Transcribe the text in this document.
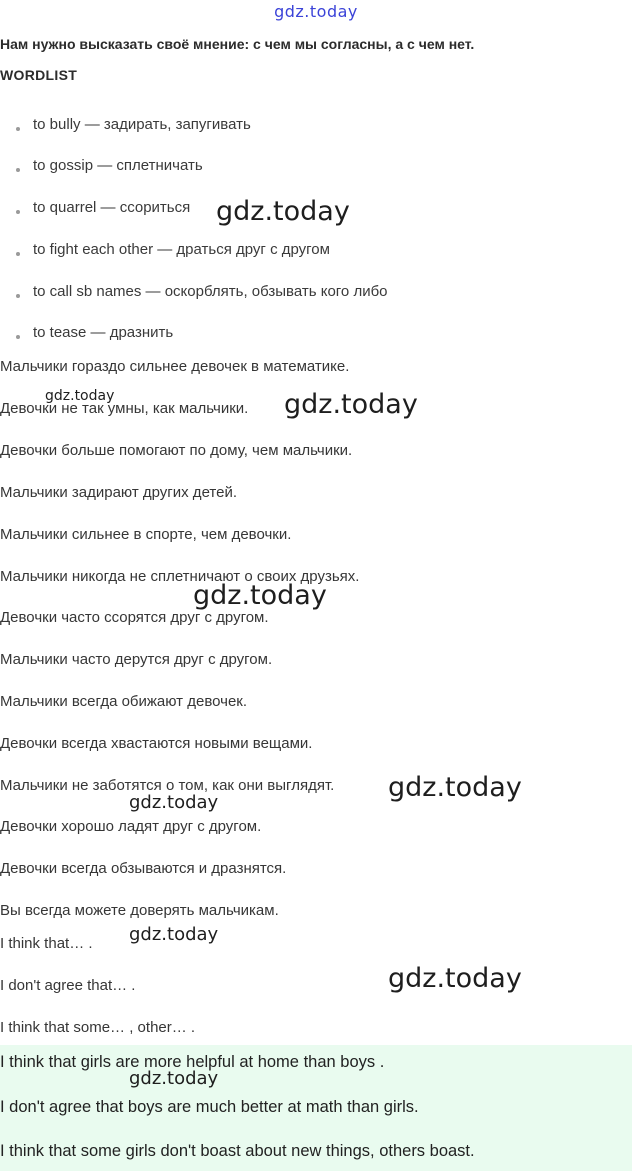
gdz.today
Нам нужно высказать своё мнение: с чем мы согласны, а с чем нет.
WORDLIST
to bully — задирать, запугивать
to gossip — сплетничать
to quarrel — ссориться
to fight each other — драться друг с другом
to call sb names — оскорблять, обзывать кого либо
to tease — дразнить
Мальчики гораздо сильнее девочек в математике.
Девочки не так умны, как мальчики.
Девочки больше помогают по дому, чем мальчики.
Мальчики задирают других детей.
Мальчики сильнее в спорте, чем девочки.
Мальчики никогда не сплетничают о своих друзьях.
Девочки часто ссорятся друг с другом.
Мальчики часто дерутся друг с другом.
Мальчики всегда обижают девочек.
Девочки всегда хвастаются новыми вещами.
Мальчики не заботятся о том, как они выглядят.
Девочки хорошо ладят друг с другом.
Девочки всегда обзываются и дразнятся.
Вы всегда можете доверять мальчикам.
I think that… .
I don't agree that… .
I think that some… , other… .
I think that girls are more helpful at home than boys .
I don't agree that boys are much better at math than girls.
I think that some girls don't boast about new things, others boast.
gdz.today
gdz.today	gdz.today
gdz.today
gdz.today
gdz.today
gdz.today
gdz.today
gdz.today
